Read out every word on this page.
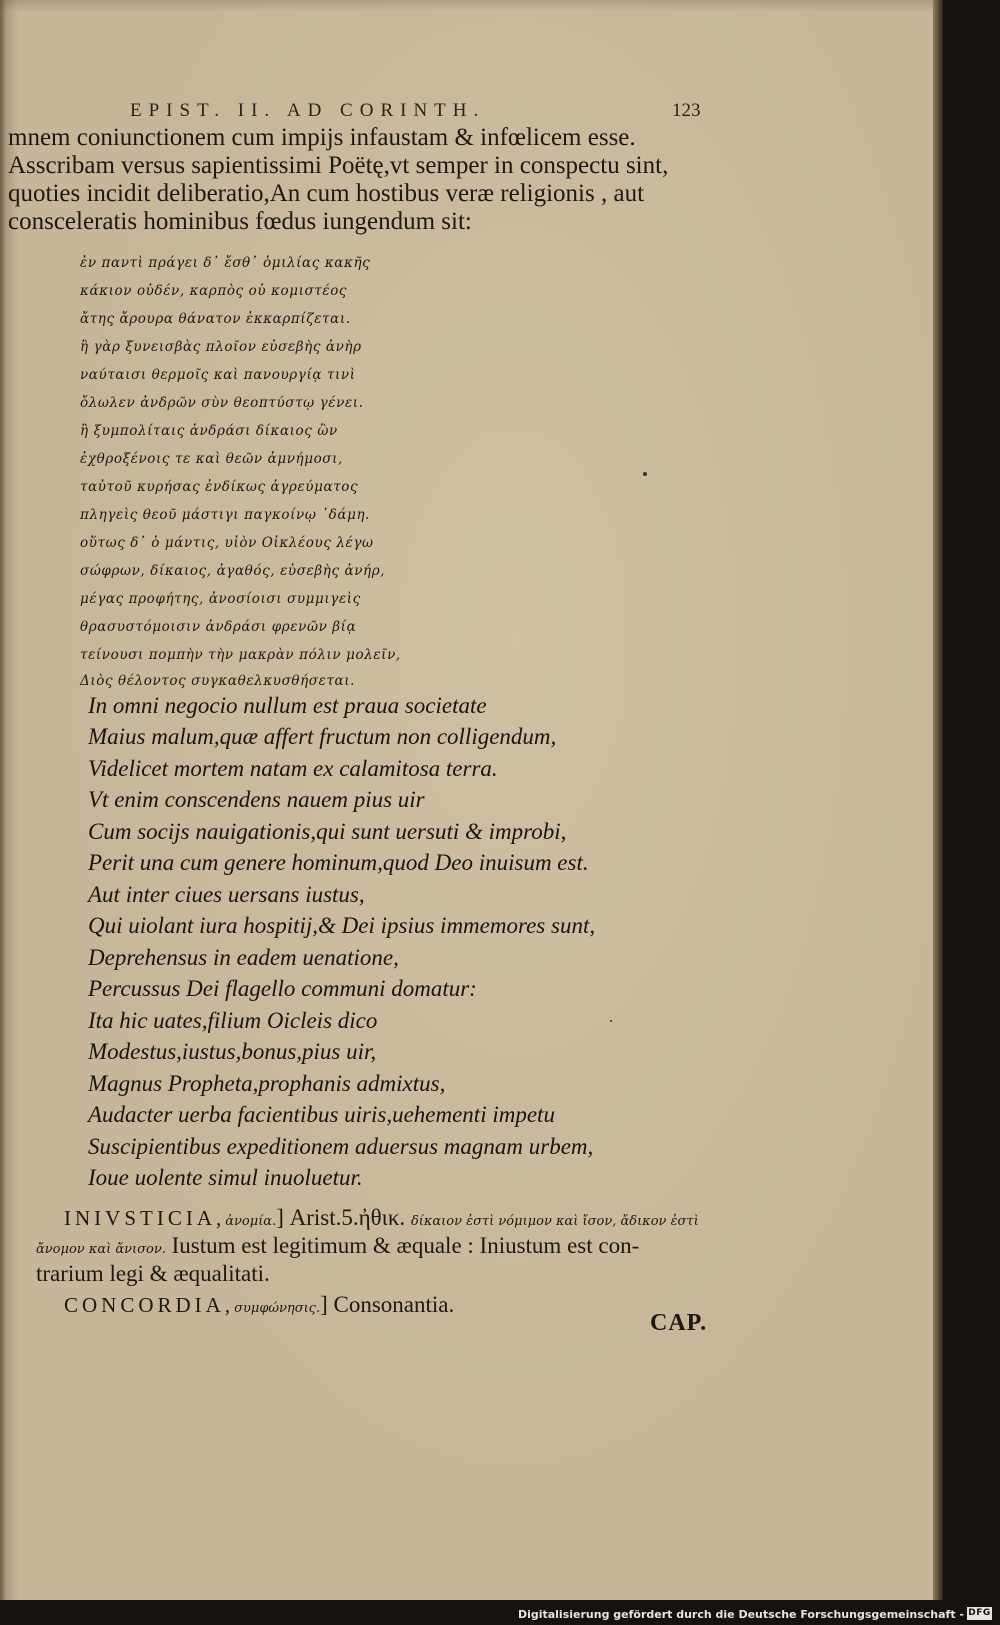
EPIST. II. AD CORINTH.	123
mnem coniunctionem cum impijs infaustam & infœlicem esse.
Asscribam versus sapientissimi Poëtę,vt semper in conspectu sint,
quoties incidit deliberatio,An cum hostibus veræ religionis , aut
consceleratis hominibus fœdus iungendum sit:
ἐν παντὶ πράγει δ᾽ ἔσθ᾽ ὁμιλίας κακῆς
κάκιον οὐδέν, καρπὸς οὐ κομιστέος
ἄτης ἄρουρα θάνατον ἐκκαρπίζεται.
ἢ γὰρ ξυνεισβὰς πλοῖον εὐσεβὴς ἀνὴρ
ναύταισι θερμοῖς καὶ πανουργίᾳ τινὶ
ὄλωλεν ἀνδρῶν σὺν θεοπτύστῳ γένει.
ἢ ξυμπολίταις ἀνδράσι δίκαιος ὢν
ἐχθροξένοις τε καὶ θεῶν ἀμνήμοσι,
ταὐτοῦ κυρήσας ἐνδίκως ἀγρεύματος
πληγεὶς θεοῦ μάστιγι παγκοίνῳ ᾽δάμη.
οὕτως δ᾽ ὁ μάντις, υἱὸν Οἰκλέους λέγω
σώφρων, δίκαιος, ἀγαθός, εὐσεβὴς ἀνήρ,
μέγας προφήτης, ἀνοσίοισι συμμιγεὶς
θρασυστόμοισιν ἀνδράσι φρενῶν βίᾳ
τείνουσι πομπὴν τὴν μακρὰν πόλιν μολεῖν,
Διὸς θέλοντος συγκαθελκυσθήσεται.
In omni negocio nullum est praua societate
Maius malum,quæ affert fructum non colligendum,
Videlicet mortem natam ex calamitosa terra.
Vt enim conscendens nauem pius uir
Cum socijs nauigationis,qui sunt uersuti & improbi,
Perit una cum genere hominum,quod Deo inuisum est.
Aut inter ciues uersans iustus,
Qui uiolant iura hospitij,& Dei ipsius immemores sunt,
Deprehensus in eadem uenatione,
Percussus Dei flagello communi domatur:
Ita hic uates,filium Oicleis dico
Modestus,iustus,bonus,pius uir,
Magnus Propheta,prophanis admixtus,
Audacter uerba facientibus uiris,uehementi impetu
Suscipientibus expeditionem aduersus magnam urbem,
Ioue uolente simul inuoluetur.
INIVSTICIA,ἀνομία.] Arist.5.ἠθικ. δίκαιον ἐστὶ νόμιμον καὶ ἴσον, ἄδικον ἐστὶ
ἄνομον καὶ ἄνισον. Iustum est legitimum & æquale : Iniustum est con-
trarium legi & æqualitati.
CONCORDIA,συμφώνησις.] Consonantia.
CAP.
Digitalisierung gefördert durch die Deutsche Forschungsgemeinschaft - DFG
